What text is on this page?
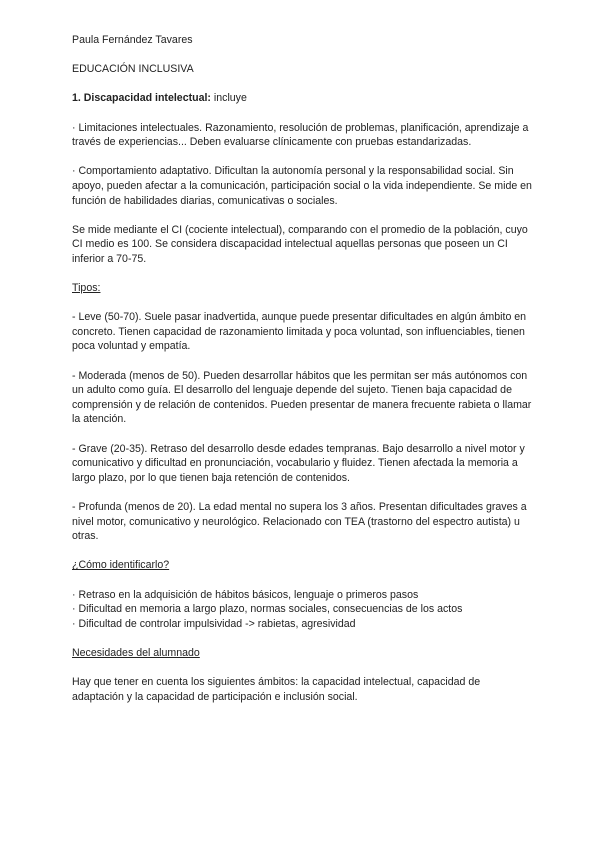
Paula Fernández Tavares

EDUCACIÓN INCLUSIVA

1. Discapacidad intelectual: incluye

· Limitaciones intelectuales. Razonamiento, resolución de problemas, planificación, aprendizaje a través de experiencias... Deben evaluarse clínicamente con pruebas estandarizadas.

· Comportamiento adaptativo. Dificultan la autonomía personal y la responsabilidad social. Sin apoyo, pueden afectar a la comunicación, participación social o la vida independiente. Se mide en función de habilidades diarias, comunicativas o sociales.

Se mide mediante el CI (cociente intelectual), comparando con el promedio de la población, cuyo CI medio es 100. Se considera discapacidad intelectual aquellas personas que poseen un CI inferior a 70-75.

Tipos:

- Leve (50-70). Suele pasar inadvertida, aunque puede presentar dificultades en algún ámbito en concreto. Tienen capacidad de razonamiento limitada y poca voluntad, son influenciables, tienen poca voluntad y empatía.

- Moderada (menos de 50). Pueden desarrollar hábitos que les permitan ser más autónomos con un adulto como guía. El desarrollo del lenguaje depende del sujeto. Tienen baja capacidad de comprensión y de relación de contenidos. Pueden presentar de manera frecuente rabieta o llamar la atención.

- Grave (20-35). Retraso del desarrollo desde edades tempranas. Bajo desarrollo a nivel motor y comunicativo y dificultad en pronunciación, vocabulario y fluidez. Tienen afectada la memoria a largo plazo, por lo que tienen baja retención de contenidos.

- Profunda (menos de 20). La edad mental no supera los 3 años. Presentan dificultades graves a nivel motor, comunicativo y neurológico. Relacionado con TEA (trastorno del espectro autista) u otras.

¿Cómo identificarlo?

· Retraso en la adquisición de hábitos básicos, lenguaje o primeros pasos

· Dificultad en memoria a largo plazo, normas sociales, consecuencias de los actos

· Dificultad de controlar impulsividad -> rabietas, agresividad

Necesidades del alumnado

Hay que tener en cuenta los siguientes ámbitos: la capacidad intelectual, capacidad de adaptación y la capacidad de participación e inclusión social.
